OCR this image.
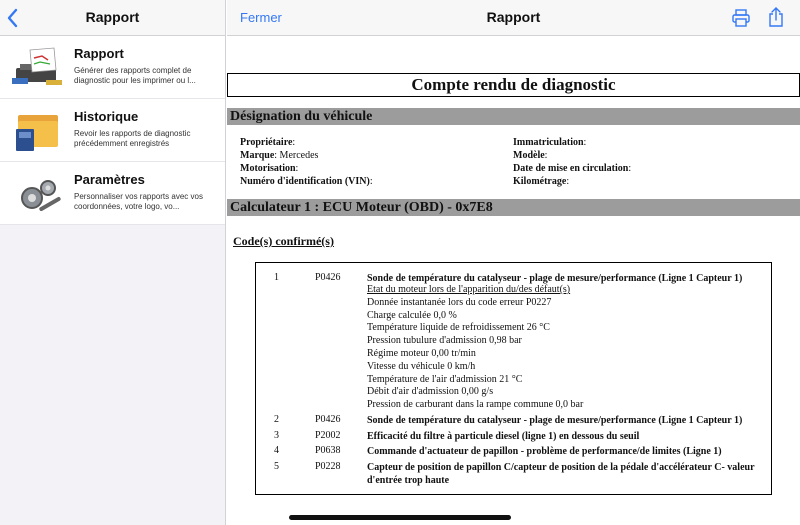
Rapport
Rapport
Générer des rapports complet de diagnostic pour les imprimer ou l...
Historique
Revoir les rapports de diagnostic précédemment enregistrés
Paramètres
Personnaliser vos rapports avec vos coordonnées, votre logo, vo...
Fermer	Rapport
Compte rendu de diagnostic
Désignation du véhicule
Propriétaire:
Marque: Mercedes
Motorisation:
Numéro d'identification (VIN):
Immatriculation:
Modèle:
Date de mise en circulation:
Kilométrage:
Calculateur 1 : ECU Moteur (OBD) - 0x7E8
Code(s) confirmé(s)
1	P0426	Sonde de température du catalyseur - plage de mesure/performance (Ligne 1 Capteur 1)
Etat du moteur lors de l'apparition du/des défaut(s)
Donnée instantanée lors du code erreur P0227
Charge calculée 0,0 %
Température liquide de refroidissement 26 °C
Pression tubulure d'admission 0,98 bar
Régime moteur 0,00 tr/min
Vitesse du véhicule 0 km/h
Température de l'air d'admission 21 °C
Débit d'air d'admission 0,00 g/s
Pression de carburant dans la rampe commune 0,0 bar
2	P0426	Sonde de température du catalyseur - plage de mesure/performance (Ligne 1 Capteur 1)
3	P2002	Efficacité du filtre à particule diesel (ligne 1) en dessous du seuil
4	P0638	Commande d'actuateur de papillon - problème de performance/de limites (Ligne 1)
5	P0228	Capteur de position de papillon C/capteur de position de la pédale d'accélérateur C- valeur d'entrée trop haute
